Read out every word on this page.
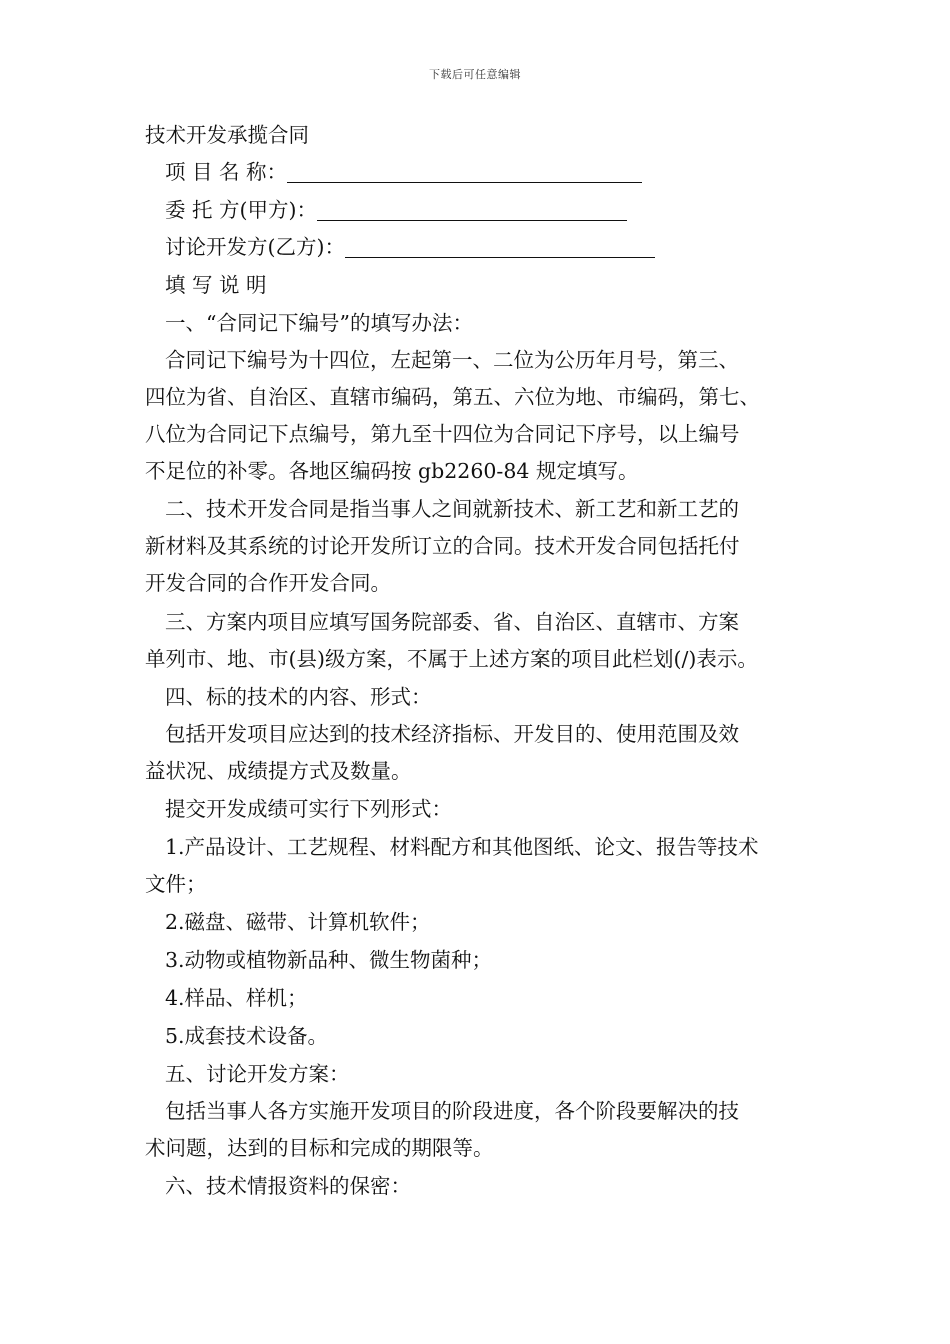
下载后可任意编辑
技术开发承揽合同
项 目 名 称：
委 托 方(甲方)：
讨论开发方(乙方)：
填 写 说 明
一、“合同记下编号”的填写办法：
合同记下编号为十四位，左起第一、二位为公历年月号，第三、
四位为省、自治区、直辖市编码，第五、六位为地、市编码，第七、
八位为合同记下点编号，第九至十四位为合同记下序号，以上编号
不足位的补零。各地区编码按 gb2260-84 规定填写。
二、技术开发合同是指当事人之间就新技术、新工艺和新工艺的
新材料及其系统的讨论开发所订立的合同。技术开发合同包括托付
开发合同的合作开发合同。
三、方案内项目应填写国务院部委、省、自治区、直辖市、方案
单列市、地、市(县)级方案，不属于上述方案的项目此栏划(/)表示。
四、标的技术的内容、形式：
包括开发项目应达到的技术经济指标、开发目的、使用范围及效
益状况、成绩提方式及数量。
提交开发成绩可实行下列形式：
1.产品设计、工艺规程、材料配方和其他图纸、论文、报告等技术
文件；
2.磁盘、磁带、计算机软件；
3.动物或植物新品种、微生物菌种；
4.样品、样机；
5.成套技术设备。
五、讨论开发方案：
包括当事人各方实施开发项目的阶段进度，各个阶段要解决的技
术问题，达到的目标和完成的期限等。
六、技术情报资料的保密：
